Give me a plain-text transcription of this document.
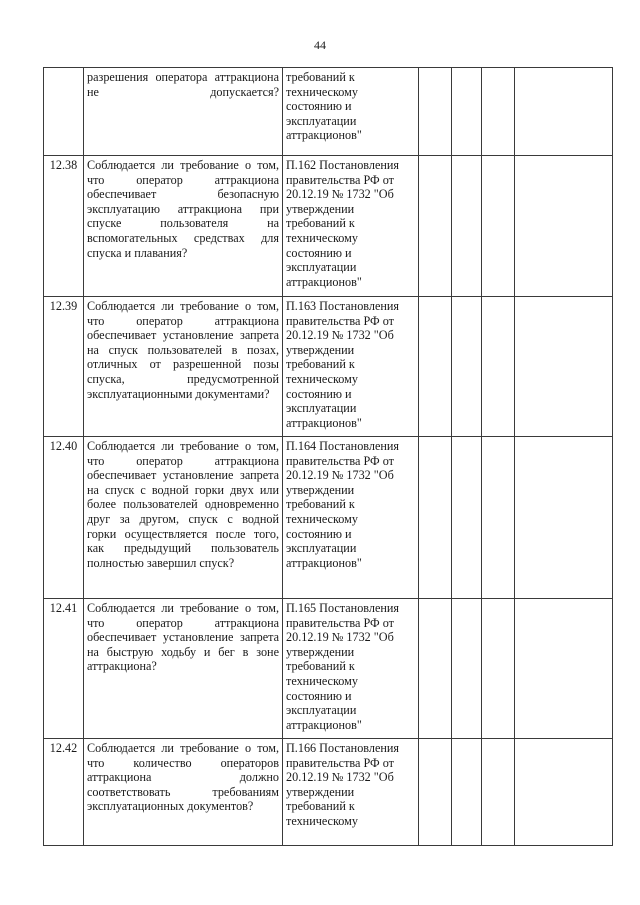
44
	разрешения оператора аттракциона не допускается?	требований к техническому состоянию и эксплуатации аттракционов"				
12.38	Соблюдается ли требование о том, что оператор аттракциона обеспечивает безопасную эксплуатацию аттракциона при спуске пользователя на вспомогательных средствах для спуска и плавания?	П.162 Постановления правительства РФ от 20.12.19 № 1732 "Об утверждении требований к техническому состоянию и эксплуатации аттракционов"				
12.39	Соблюдается ли требование о том, что оператор аттракциона обеспечивает установление запрета на спуск пользователей в позах, отличных от разрешенной позы спуска, предусмотренной эксплуатационными документами?	П.163 Постановления правительства РФ от 20.12.19 № 1732 "Об утверждении требований к техническому состоянию и эксплуатации аттракционов"				
12.40	Соблюдается ли требование о том, что оператор аттракциона обеспечивает установление запрета на спуск с водной горки двух или более пользователей одновременно друг за другом, спуск с водной горки осуществляется после того, как предыдущий пользователь полностью завершил спуск?	П.164 Постановления правительства РФ от 20.12.19 № 1732 "Об утверждении требований к техническому состоянию и эксплуатации аттракционов"				
12.41	Соблюдается ли требование о том, что оператор аттракциона обеспечивает установление запрета на быструю ходьбу и бег в зоне аттракциона?	П.165 Постановления правительства РФ от 20.12.19 № 1732 "Об утверждении требований к техническому состоянию и эксплуатации аттракционов"				
12.42	Соблюдается ли требование о том, что количество операторов аттракциона должно соответствовать требованиям эксплуатационных документов?	П.166 Постановления правительства РФ от 20.12.19 № 1732 "Об утверждении требований к техническому				
